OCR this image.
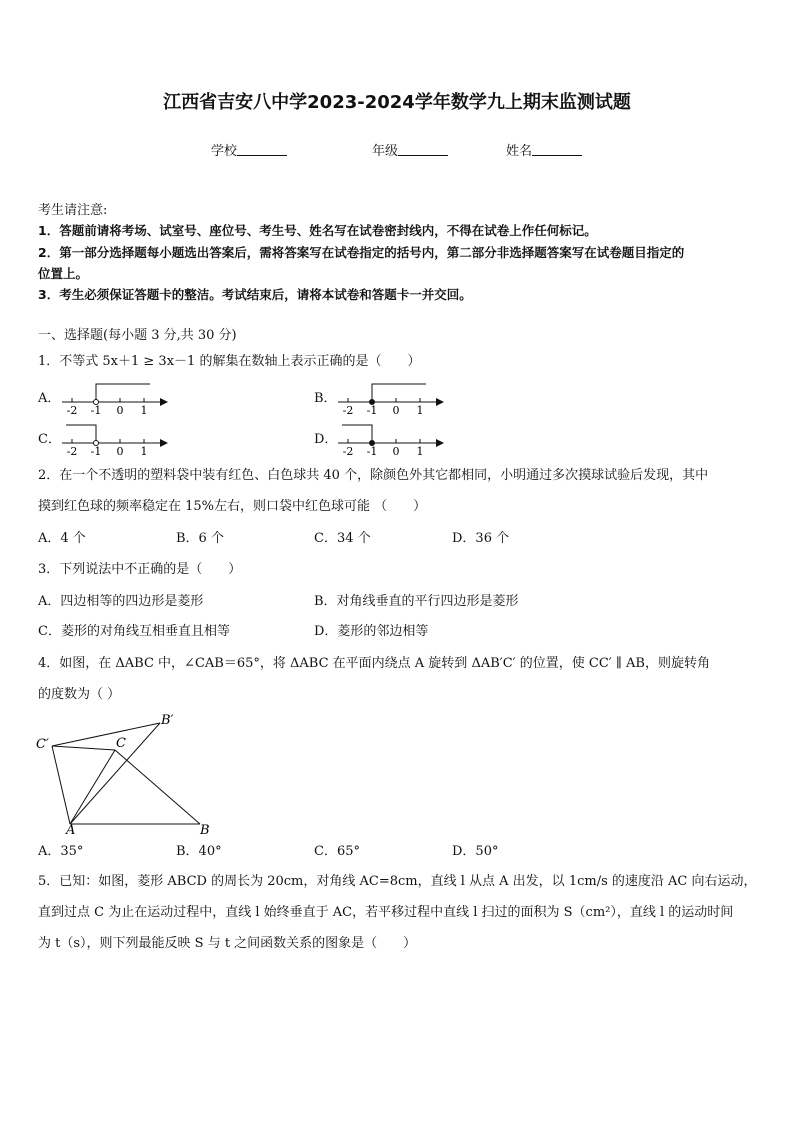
江西省吉安八中学2023-2024学年数学九上期末监测试题
学校	年级	姓名
考生请注意:
1．答题前请将考场、试室号、座位号、考生号、姓名写在试卷密封线内，不得在试卷上作任何标记。
2．第一部分选择题每小题选出答案后，需将答案写在试卷指定的括号内，第二部分非选择题答案写在试卷题目指定的
位置上。
3．考生必须保证答题卡的整洁。考试结束后，请将本试卷和答题卡一并交回。
一、选择题(每小题 3 分,共 30 分)
1．不等式 5x＋1 ≥ 3x－1 的解集在数轴上表示正确的是（　　）
A．
-2 -1 0 1
B．
-2 -1 0 1
C．
-2 -1 0 1
D．
-2 -1 0 1
2．在一个不透明的塑料袋中装有红色、白色球共 40 个，除颜色外其它都相同，小明通过多次摸球试验后发现，其中
摸到红色球的频率稳定在 15%左右，则口袋中红色球可能 （　　）
A．4 个	B．6 个	C．34 个	D．36 个
3．下列说法中不正确的是（　　）
A．四边相等的四边形是菱形	B．对角线垂直的平行四边形是菱形
C．菱形的对角线互相垂直且相等	D．菱形的邻边相等
4．如图，在 ΔABC 中，∠CAB＝65°，将 ΔABC 在平面内绕点 A 旋转到 ΔAB′C′ 的位置，使 CC′ ∥ AB，则旋转角
的度数为（ ）
C′	C
B′
A	B
A．35°	B．40°	C．65°	D．50°
5．已知：如图，菱形 ABCD 的周长为 20cm，对角线 AC=8cm，直线 l 从点 A 出发，以 1cm/s 的速度沿 AC 向右运动，
直到过点 C 为止在运动过程中，直线 l 始终垂直于 AC，若平移过程中直线 l 扫过的面积为 S（cm²），直线 l 的运动时间
为 t（s），则下列最能反映 S 与 t 之间函数关系的图象是（　　）
